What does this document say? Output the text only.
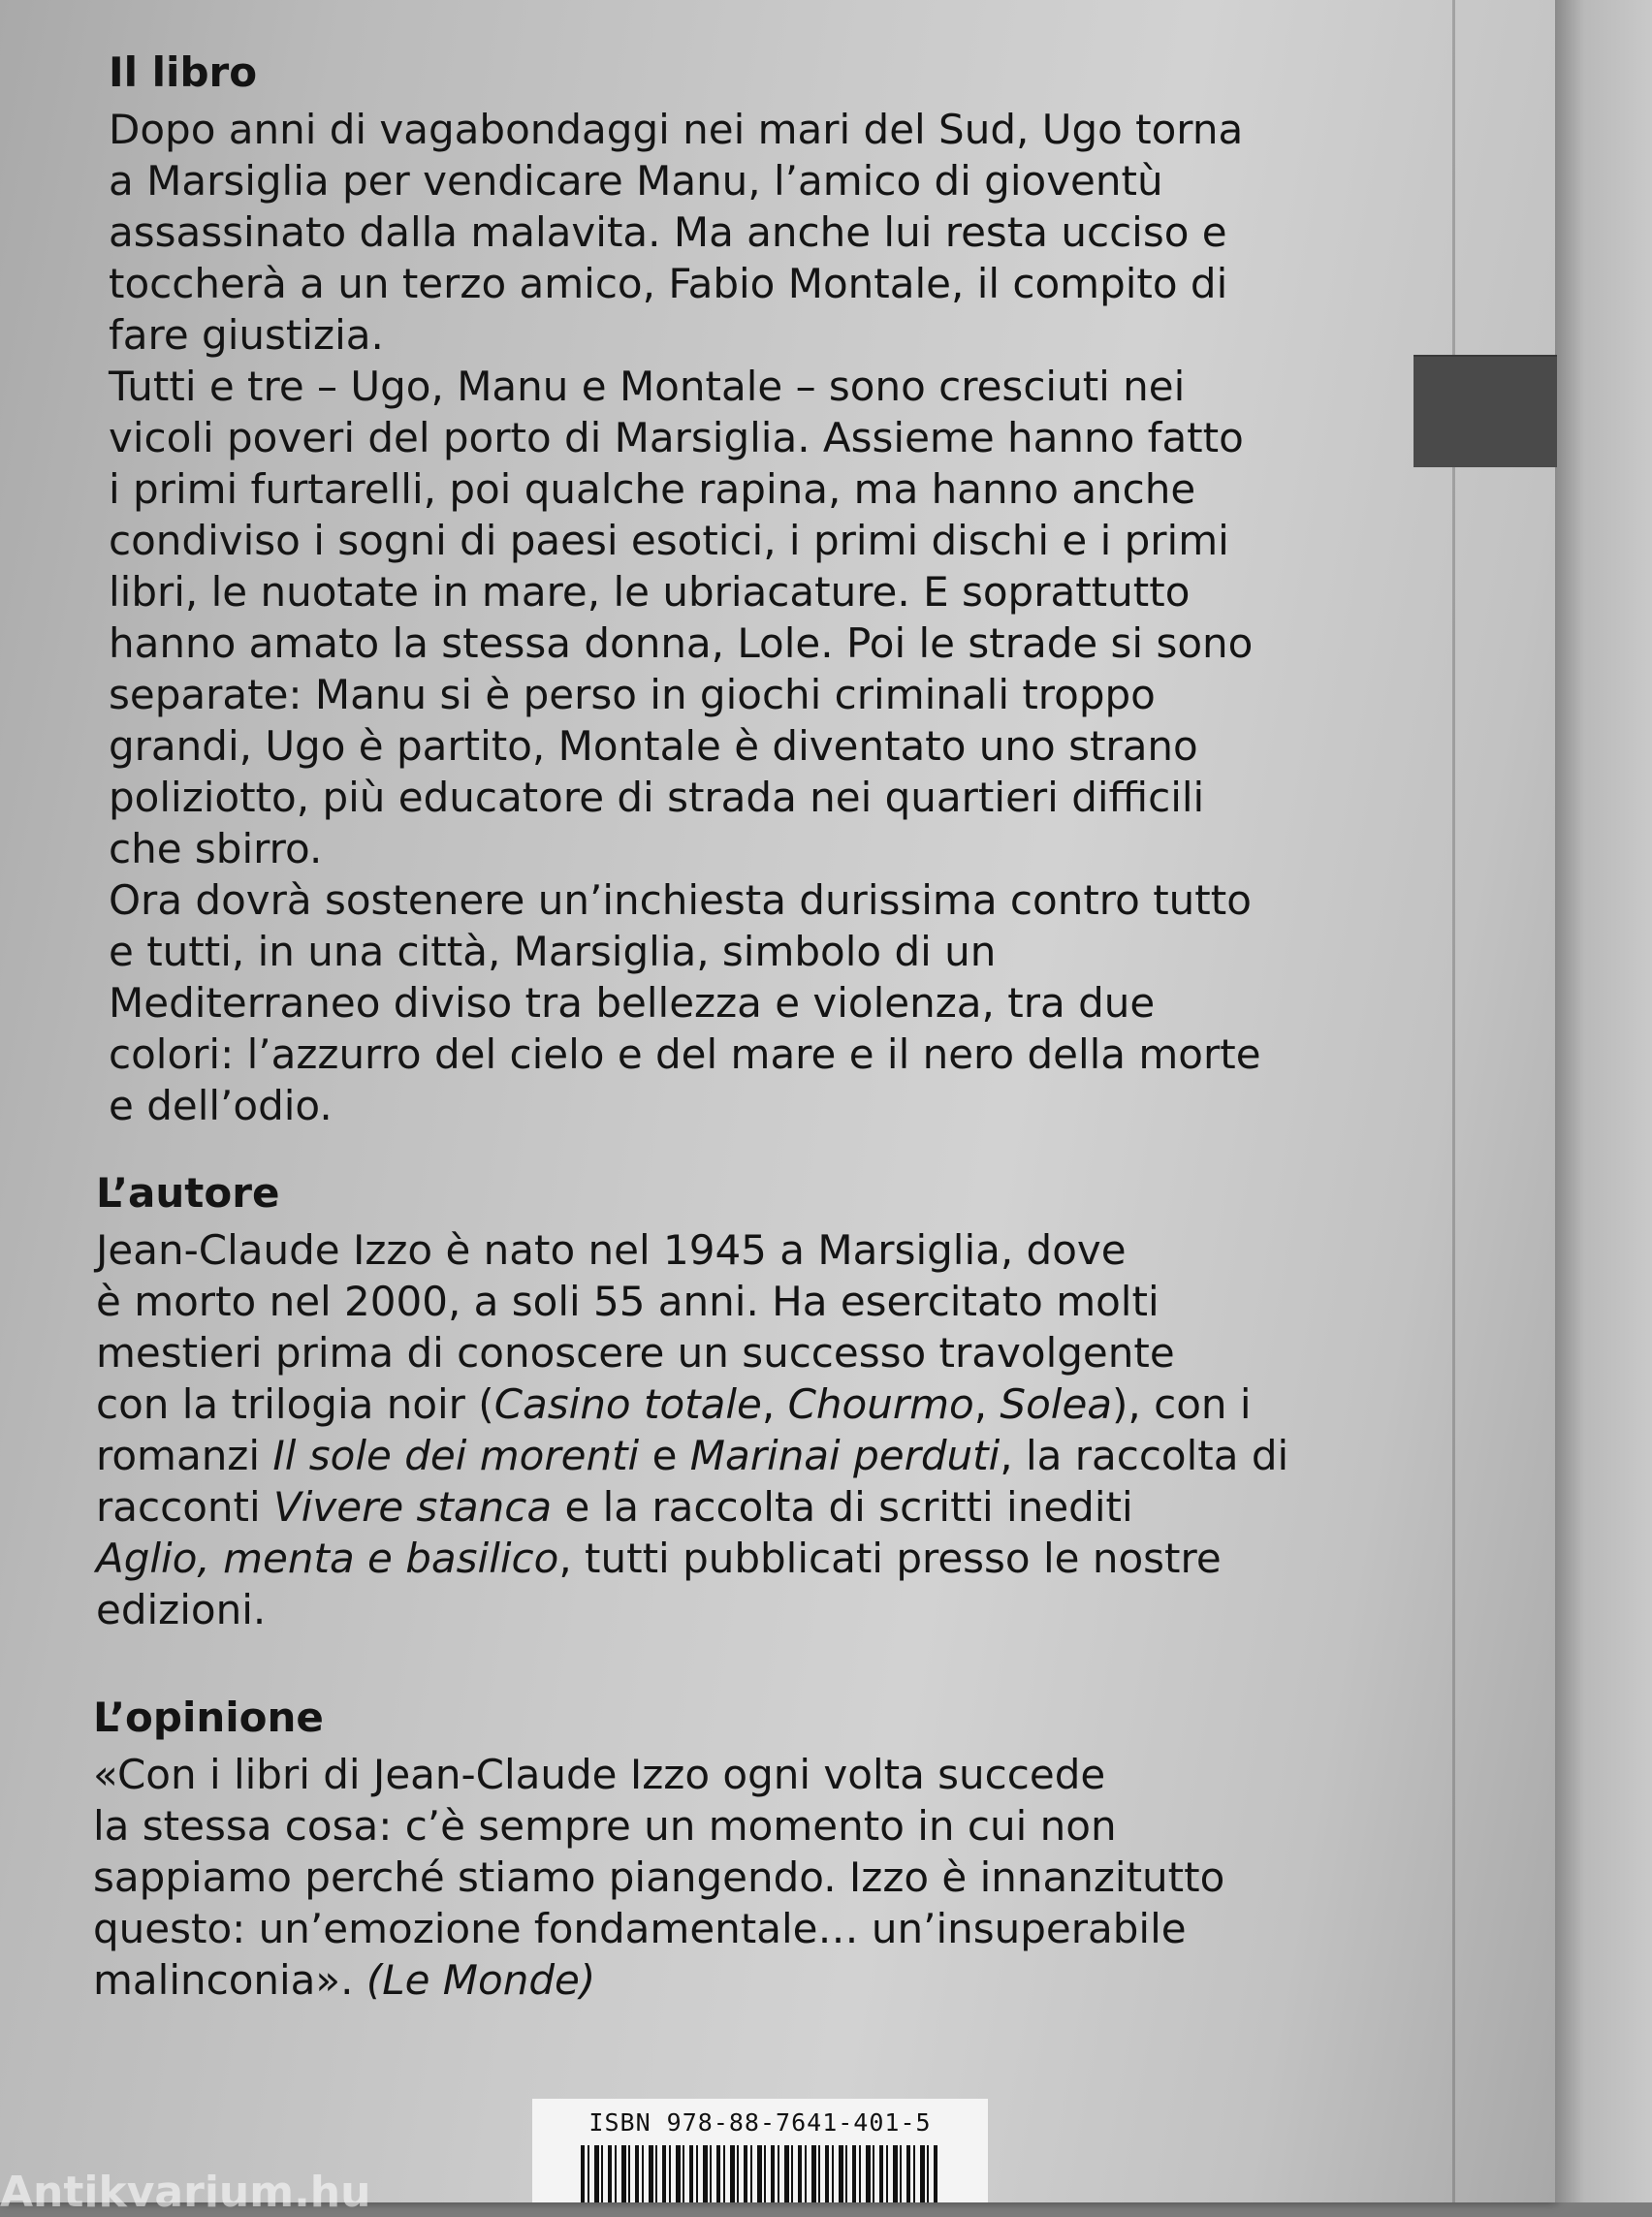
Il libro
Dopo anni di vagabondaggi nei mari del Sud, Ugo torna
a Marsiglia per vendicare Manu, l’amico di gioventù
assassinato dalla malavita. Ma anche lui resta ucciso e
toccherà a un terzo amico, Fabio Montale, il compito di
fare giustizia.
Tutti e tre – Ugo, Manu e Montale – sono cresciuti nei
vicoli poveri del porto di Marsiglia. Assieme hanno fatto
i primi furtarelli, poi qualche rapina, ma hanno anche
condiviso i sogni di paesi esotici, i primi dischi e i primi
libri, le nuotate in mare, le ubriacature. E soprattutto
hanno amato la stessa donna, Lole. Poi le strade si sono
separate: Manu si è perso in giochi criminali troppo
grandi, Ugo è partito, Montale è diventato uno strano
poliziotto, più educatore di strada nei quartieri difficili
che sbirro.
Ora dovrà sostenere un’inchiesta durissima contro tutto
e tutti, in una città, Marsiglia, simbolo di un
Mediterraneo diviso tra bellezza e violenza, tra due
colori: l’azzurro del cielo e del mare e il nero della morte
e dell’odio.
L’autore
Jean-Claude Izzo è nato nel 1945 a Marsiglia, dove
è morto nel 2000, a soli 55 anni. Ha esercitato molti
mestieri prima di conoscere un successo travolgente
con la trilogia noir (Casino totale, Chourmo, Solea), con i
romanzi Il sole dei morenti e Marinai perduti, la raccolta di
racconti Vivere stanca e la raccolta di scritti inediti
Aglio, menta e basilico, tutti pubblicati presso le nostre
edizioni.
L’opinione
«Con i libri di Jean-Claude Izzo ogni volta succede
la stessa cosa: c’è sempre un momento in cui non
sappiamo perché stiamo piangendo. Izzo è innanzitutto
questo: un’emozione fondamentale… un’insuperabile
malinconia». (Le Monde)
ISBN 978-88-7641-401-5
Antikvarium.hu
